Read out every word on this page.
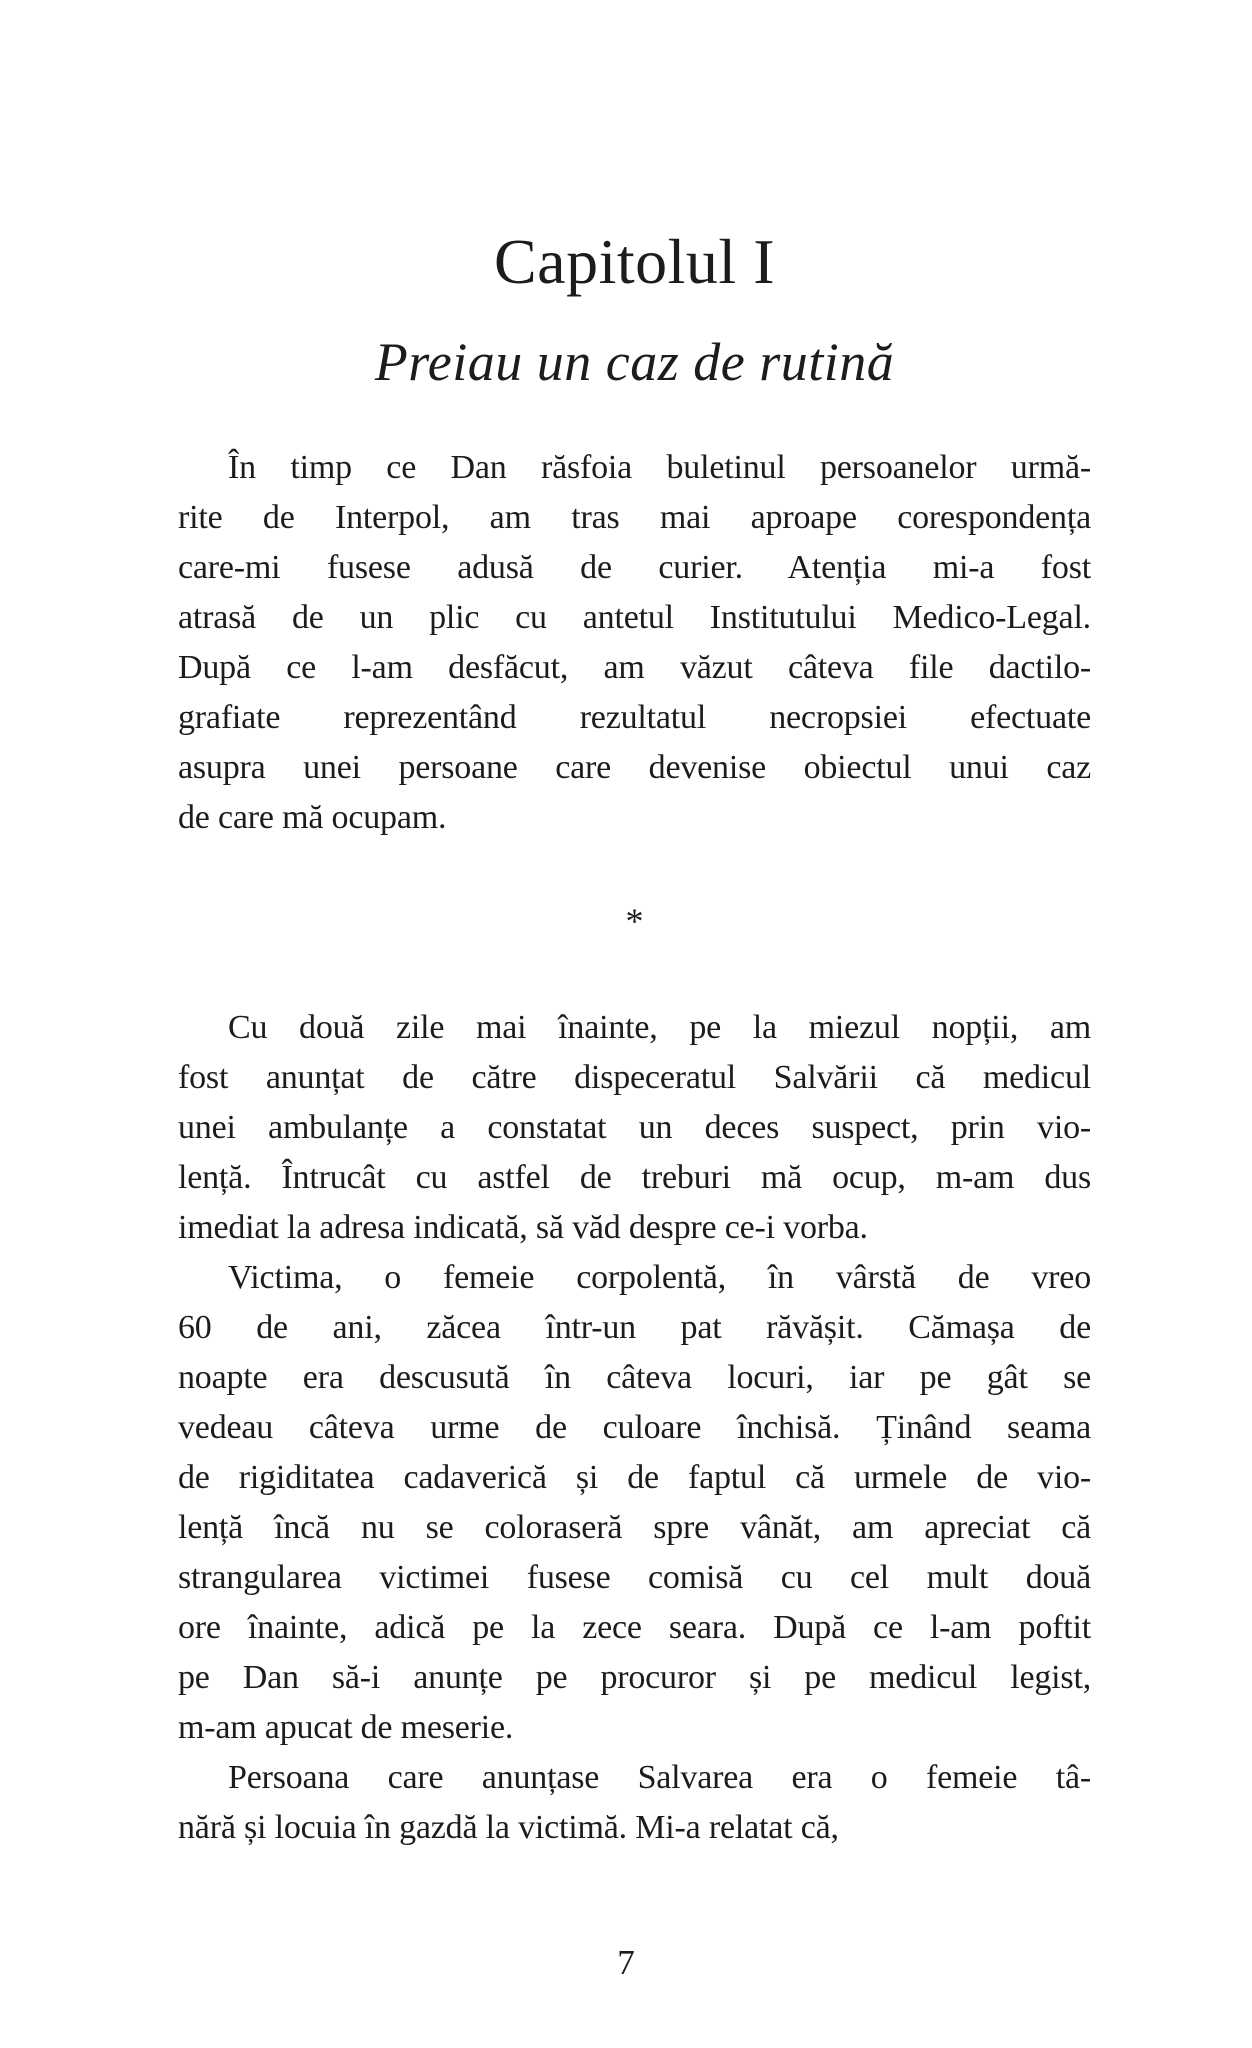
Capitolul I
Preiau un caz de rutină
În timp ce Dan răsfoia buletinul persoanelor urmă-
rite de Interpol, am tras mai aproape corespondența
care-mi fusese adusă de curier. Atenția mi-a fost
atrasă de un plic cu antetul Institutului Medico-Legal.
După ce l-am desfăcut, am văzut câteva file dactilo-
grafiate reprezentând rezultatul necropsiei efectuate
asupra unei persoane care devenise obiectul unui caz
de care mă ocupam.
*
Cu două zile mai înainte, pe la miezul nopții, am
fost anunțat de către dispeceratul Salvării că medicul
unei ambulanțe a constatat un deces suspect, prin vio-
lență. Întrucât cu astfel de treburi mă ocup, m-am dus
imediat la adresa indicată, să văd despre ce-i vorba.
Victima, o femeie corpolentă, în vârstă de vreo
60 de ani, zăcea într-un pat răvășit. Cămașa de
noapte era descusută în câteva locuri, iar pe gât se
vedeau câteva urme de culoare închisă. Ținând seama
de rigiditatea cadaverică și de faptul că urmele de vio-
lență încă nu se coloraseră spre vânăt, am apreciat că
strangularea victimei fusese comisă cu cel mult două
ore înainte, adică pe la zece seara. După ce l-am poftit
pe Dan să-i anunțe pe procuror și pe medicul legist,
m-am apucat de meserie.
Persoana care anunțase Salvarea era o femeie tâ-
nără și locuia în gazdă la victimă. Mi-a relatat că,
7
